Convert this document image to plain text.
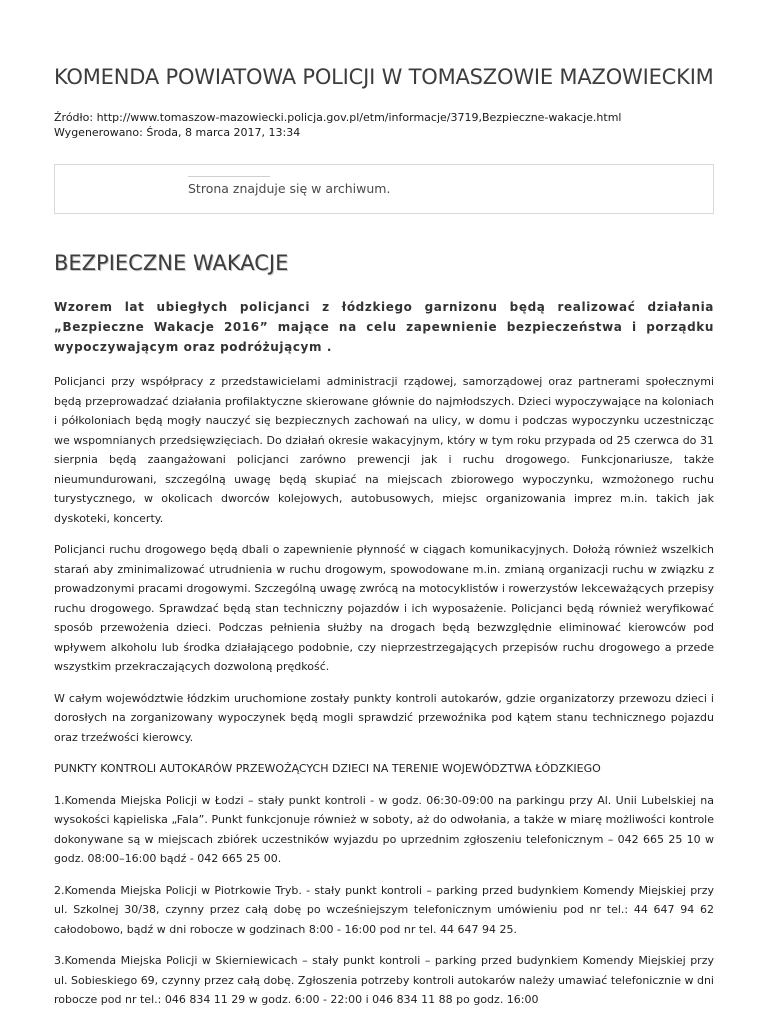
KOMENDA POWIATOWA POLICJI W TOMASZOWIE MAZOWIECKIM
Źródło: http://www.tomaszow-mazowiecki.policja.gov.pl/etm/informacje/3719,Bezpieczne-wakacje.html
Wygenerowano: Środa, 8 marca 2017, 13:34
Strona znajduje się w archiwum.
BEZPIECZNE WAKACJE
Wzorem lat ubiegłych policjanci z łódzkiego garnizonu będą realizować działania „Bezpieczne Wakacje 2016” mające na celu zapewnienie bezpieczeństwa i porządku wypoczywającym oraz podróżującym .

Policjanci przy współpracy z przedstawicielami administracji rządowej, samorządowej oraz partnerami społecznymi będą przeprowadzać działania profilaktyczne skierowane głównie do najmłodszych. Dzieci wypoczywające na koloniach i półkoloniach będą mogły nauczyć się bezpiecznych zachowań na ulicy, w domu i podczas wypoczynku uczestnicząc we wspomnianych przedsięwzięciach. Do działań okresie wakacyjnym, który w tym roku przypada od 25 czerwca do 31 sierpnia będą zaangażowani policjanci zarówno prewencji jak i ruchu drogowego. Funkcjonariusze, także nieumundurowani, szczególną uwagę będą skupiać na miejscach zbiorowego wypoczynku, wzmożonego ruchu turystycznego, w okolicach dworców kolejowych, autobusowych, miejsc organizowania imprez m.in. takich jak dyskoteki, koncerty.

Policjanci ruchu drogowego będą dbali o zapewnienie płynność w ciągach komunikacyjnych. Dołożą również wszelkich starań aby zminimalizować utrudnienia w ruchu drogowym, spowodowane m.in. zmianą organizacji ruchu w związku z prowadzonymi pracami drogowymi. Szczególną uwagę zwrócą na motocyklistów i rowerzystów lekceważących przepisy ruchu drogowego. Sprawdzać będą stan techniczny pojazdów i ich wyposażenie. Policjanci będą również weryfikować sposób przewożenia dzieci. Podczas pełnienia służby na drogach będą bezwzględnie eliminować kierowców pod wpływem alkoholu lub środka działającego podobnie, czy nieprzestrzegających przepisów ruchu drogowego a przede wszystkim przekraczających dozwoloną prędkość.

W całym województwie łódzkim uruchomione zostały punkty kontroli autokarów, gdzie organizatorzy przewozu dzieci i dorosłych na zorganizowany wypoczynek będą mogli sprawdzić przewoźnika pod kątem stanu technicznego pojazdu oraz trzeźwości kierowcy.

PUNKTY KONTROLI AUTOKARÓW PRZEWOŻĄCYCH DZIECI NA TERENIE WOJEWÓDZTWA ŁÓDZKIEGO

1.Komenda Miejska Policji w Łodzi – stały punkt kontroli - w godz. 06:30-09:00 na parkingu przy Al. Unii Lubelskiej na wysokości kąpieliska „Fala”. Punkt funkcjonuje również w soboty, aż do odwołania, a także w miarę możliwości kontrole dokonywane są w miejscach zbiórek uczestników wyjazdu po uprzednim zgłoszeniu telefonicznym – 042 665 25 10 w godz. 08:00–16:00 bądź - 042 665 25 00.

2.Komenda Miejska Policji w Piotrkowie Tryb. - stały punkt kontroli – parking przed budynkiem Komendy Miejskiej przy ul. Szkolnej 30/38, czynny przez całą dobę po wcześniejszym telefonicznym umówieniu pod nr tel.: 44 647 94 62 całodobowo, bądź w dni robocze w godzinach 8:00 - 16:00 pod nr tel. 44 647 94 25.

3.Komenda Miejska Policji w Skierniewicach – stały punkt kontroli – parking przed budynkiem Komendy Miejskiej przy ul. Sobieskiego 69, czynny przez całą dobę. Zgłoszenia potrzeby kontroli autokarów należy umawiać telefonicznie w dni robocze pod nr tel.: 046 834 11 29 w godz. 6:00 - 22:00 i 046 834 11 88 po godz. 16:00
